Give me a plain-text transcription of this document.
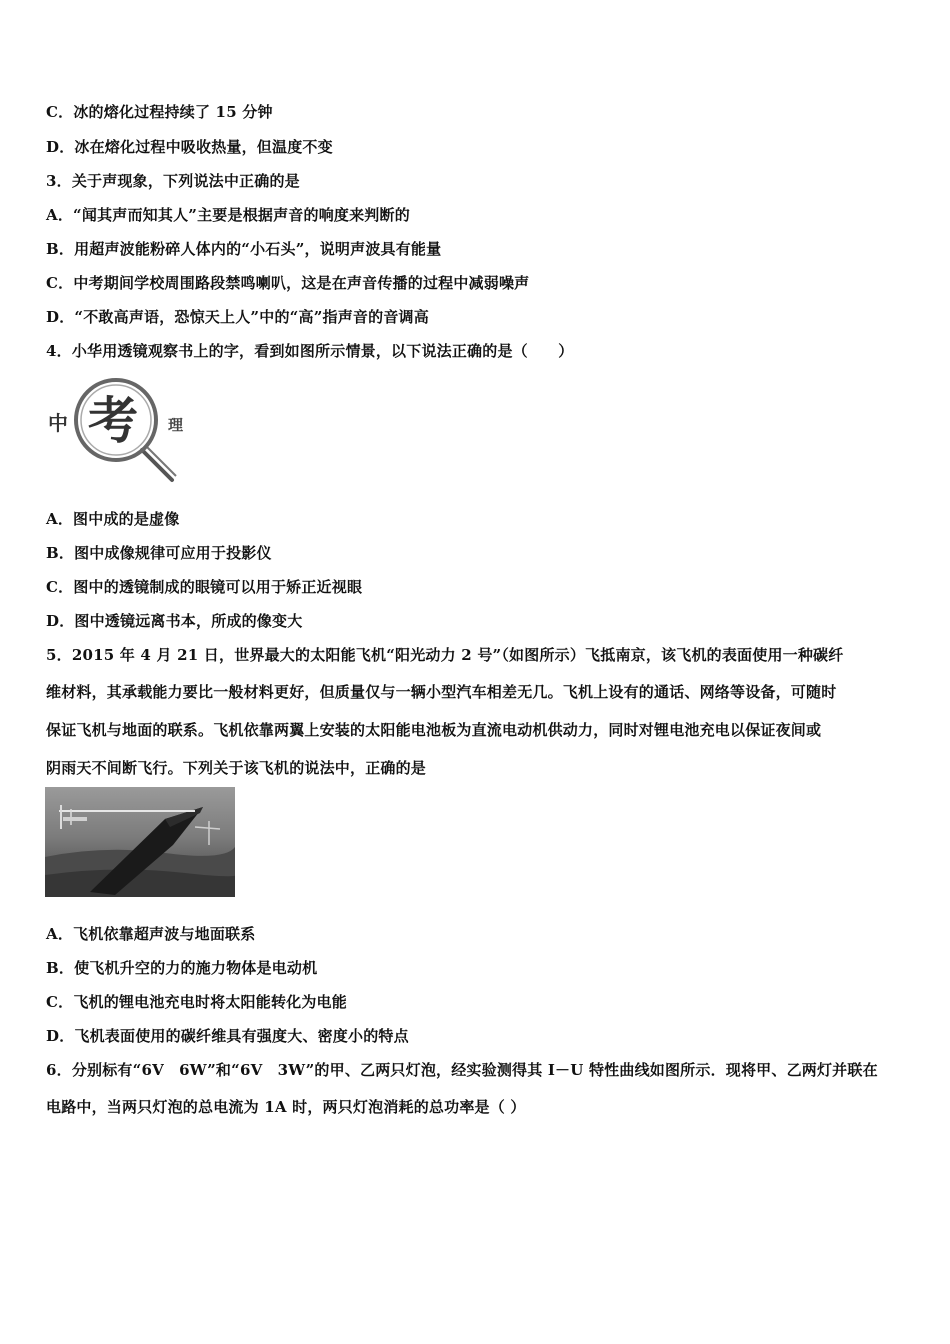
C．冰的熔化过程持续了 15 分钟
D．冰在熔化过程中吸收热量，但温度不变
3．关于声现象，下列说法中正确的是
A．“闻其声而知其人”主要是根据声音的响度来判断的
B．用超声波能粉碎人体内的“小石头”，说明声波具有能量
C．中考期间学校周围路段禁鸣喇叭，这是在声音传播的过程中减弱噪声
D．“不敢高声语，恐惊天上人”中的“高”指声音的音调高
4．小华用透镜观察书上的字，看到如图所示情景，以下说法正确的是（　　）
中 考 理
A．图中成的是虚像
B．图中成像规律可应用于投影仪
C．图中的透镜制成的眼镜可以用于矫正近视眼
D．图中透镜远离书本，所成的像变大
5．2015 年 4 月 21 日，世界最大的太阳能飞机“阳光动力 2 号”（如图所示）飞抵南京，该飞机的表面使用一种碳纤
维材料，其承载能力要比一般材料更好，但质量仅与一辆小型汽车相差无几。飞机上设有的通话、网络等设备，可随时
保证飞机与地面的联系。飞机依靠两翼上安装的太阳能电池板为直流电动机供动力，同时对锂电池充电以保证夜间或
阴雨天不间断飞行。下列关于该飞机的说法中，正确的是
A．飞机依靠超声波与地面联系
B．使飞机升空的力的施力物体是电动机
C．飞机的锂电池充电时将太阳能转化为电能
D．飞机表面使用的碳纤维具有强度大、密度小的特点
6．分别标有“6V　6W”和“6V　3W”的甲、乙两只灯泡，经实验测得其 I－U 特性曲线如图所示．现将甲、乙两灯并联在
电路中，当两只灯泡的总电流为 1A 时，两只灯泡消耗的总功率是（ ）
